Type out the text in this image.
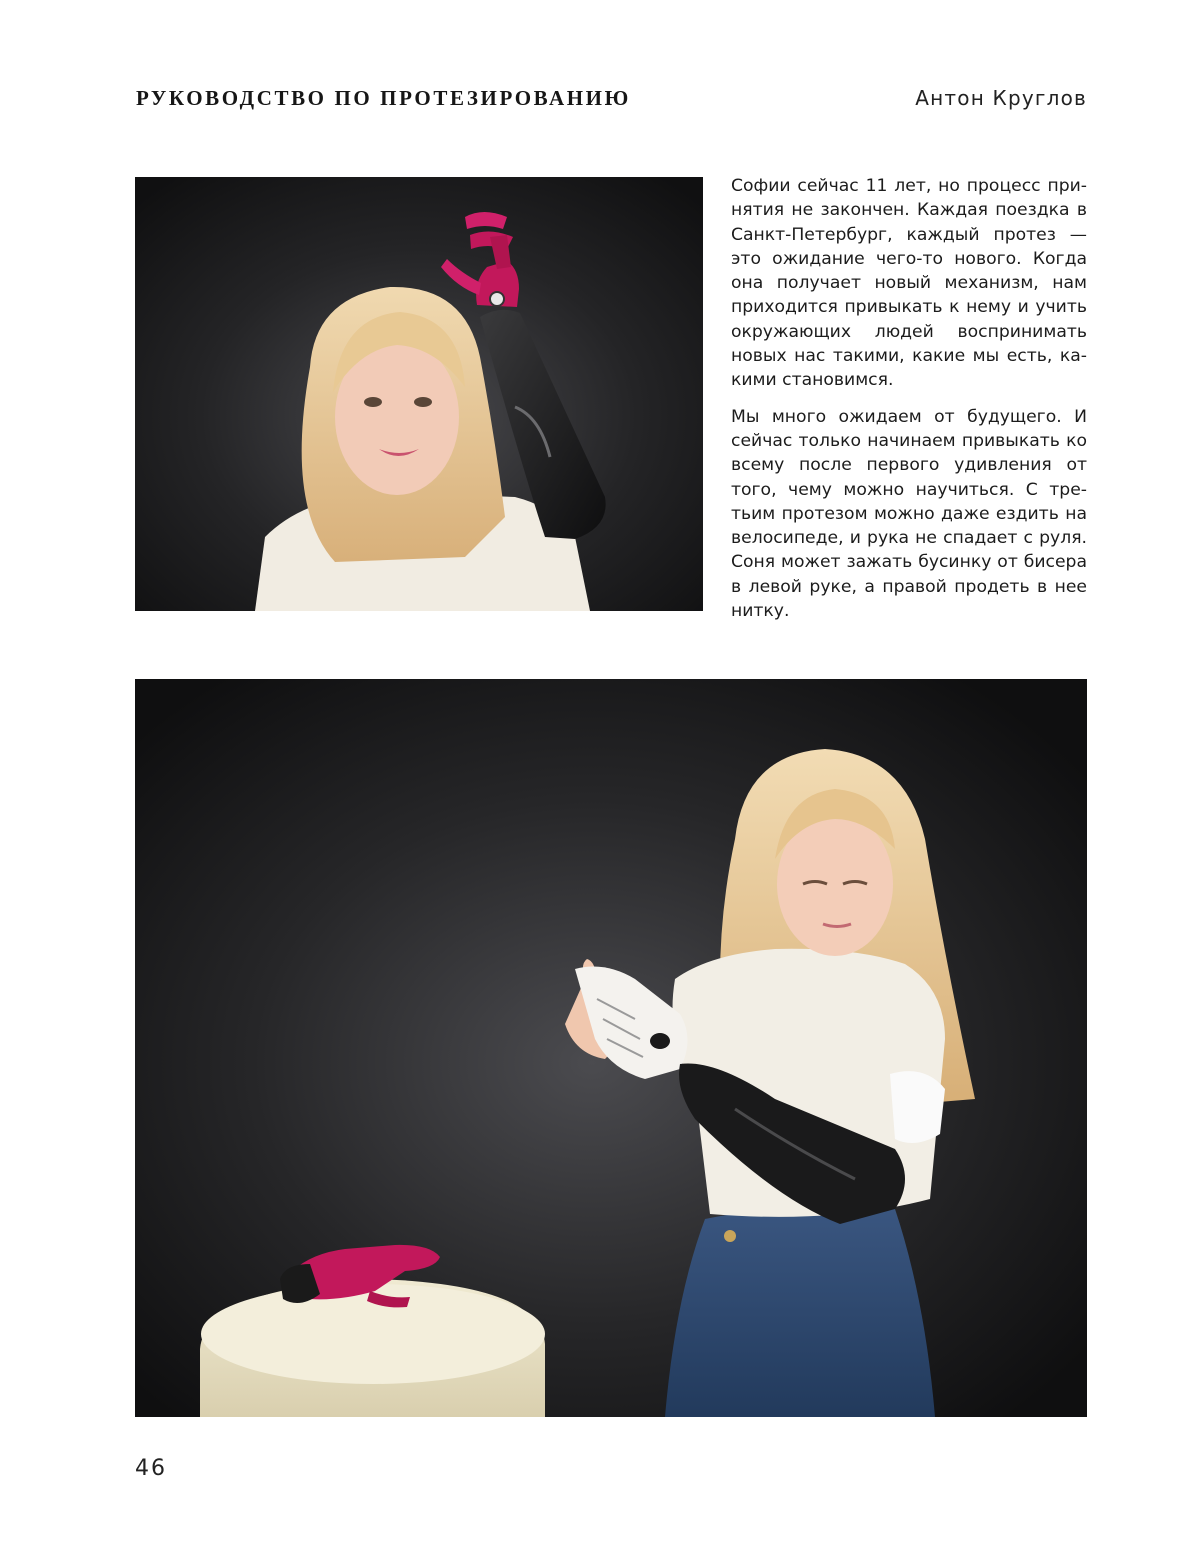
РУКОВОДСТВО ПО ПРОТЕЗИРОВАНИЮ	Антон Круглов

Софии сейчас 11 лет, но процесс принятия не закончен. Каждая поездка в Санкт-Петербург, каждый протез — это ожидание чего-то нового. Когда она получает новый механизм, нам приходится привыкать к нему и учить окружающих людей воспринимать новых нас такими, какие мы есть, какими становимся.

Мы много ожидаем от будущего. И сейчас только начинаем привыкать ко всему после первого удивления от того, чему можно научиться. С третьим протезом можно даже ездить на велосипеде, и рука не спадает с руля. Соня может зажать бусинку от бисера в левой руке, а правой продеть в нее нитку.

46
